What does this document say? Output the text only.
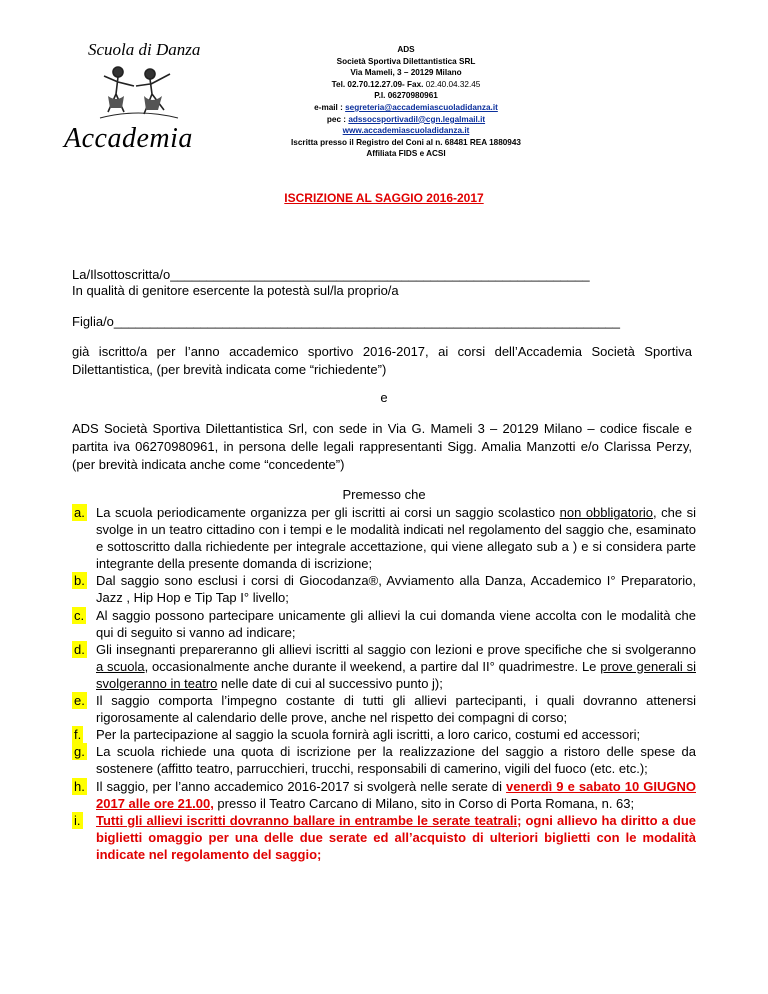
Scuola di Danza
Accademia
ADS
Società Sportiva Dilettantistica SRL
Via Mameli, 3 – 20129 Milano
Tel. 02.70.12.27.09- Fax. 02.40.04.32.45
P.I. 06270980961
e-mail : segreteria@accademiascuoladidanza.it
pec : adssocsportivadil@cgn.legalmail.it
www.accademiascuoladidanza.it
Iscritta presso il Registro del Coni al n. 68481 REA 1880943
Affiliata FIDS e ACSI
ISCRIZIONE AL SAGGIO 2016-2017
La/Ilsottoscritta/o__________________________________________________________
In qualità di genitore esercente la potestà sul/la proprio/a
Figlia/o______________________________________________________________________
già iscritto/a per l’anno accademico sportivo 2016-2017, ai corsi dell’Accademia Società Sportiva Dilettantistica, (per brevità indicata come “richiedente”)
e
ADS Società Sportiva Dilettantistica Srl, con sede in Via G. Mameli 3 – 20129 Milano – codice fiscale e partita iva 06270980961, in persona delle legali rappresentanti Sigg. Amalia Manzotti e/o Clarissa Perzy, (per brevità indicata anche come “concedente”)
Premesso che
a. La scuola periodicamente organizza per gli iscritti ai corsi un saggio scolastico non obbligatorio, che si svolge in un teatro cittadino con i tempi e le modalità indicati nel regolamento del saggio che, esaminato e sottoscritto dalla richiedente per integrale accettazione, qui viene allegato sub a ) e si considera parte integrante della presente domanda di iscrizione;
b. Dal saggio sono esclusi i corsi di Giocodanza®, Avviamento alla Danza, Accademico I° Preparatorio, Jazz , Hip Hop e Tip Tap I° livello;
c. Al saggio possono partecipare unicamente gli allievi la cui domanda viene accolta con le modalità che qui di seguito si vanno ad indicare;
d. Gli insegnanti prepareranno gli allievi iscritti al saggio con lezioni e prove specifiche che si svolgeranno a scuola, occasionalmente anche durante il weekend, a partire dal II° quadrimestre. Le prove generali si svolgeranno in teatro nelle date di cui al successivo punto j);
e. Il saggio comporta l’impegno costante di tutti gli allievi partecipanti, i quali dovranno attenersi rigorosamente al calendario delle prove, anche nel rispetto dei compagni di corso;
f. Per la partecipazione al saggio la scuola fornirà agli iscritti, a loro carico, costumi ed accessori;
g. La scuola richiede una quota di iscrizione per la realizzazione del saggio a ristoro delle spese da sostenere (affitto teatro, parrucchieri, trucchi, responsabili di camerino, vigili del fuoco (etc. etc.);
h. Il saggio, per l’anno accademico 2016-2017 si svolgerà nelle serate di venerdì 9 e sabato 10 GIUGNO 2017 alle ore 21.00, presso il Teatro Carcano di Milano, sito in Corso di Porta Romana, n. 63;
i. Tutti gli allievi iscritti dovranno ballare in entrambe le serate teatrali; ogni allievo ha diritto a due biglietti omaggio per una delle due serate ed all’acquisto di ulteriori biglietti con le modalità indicate nel regolamento del saggio;
